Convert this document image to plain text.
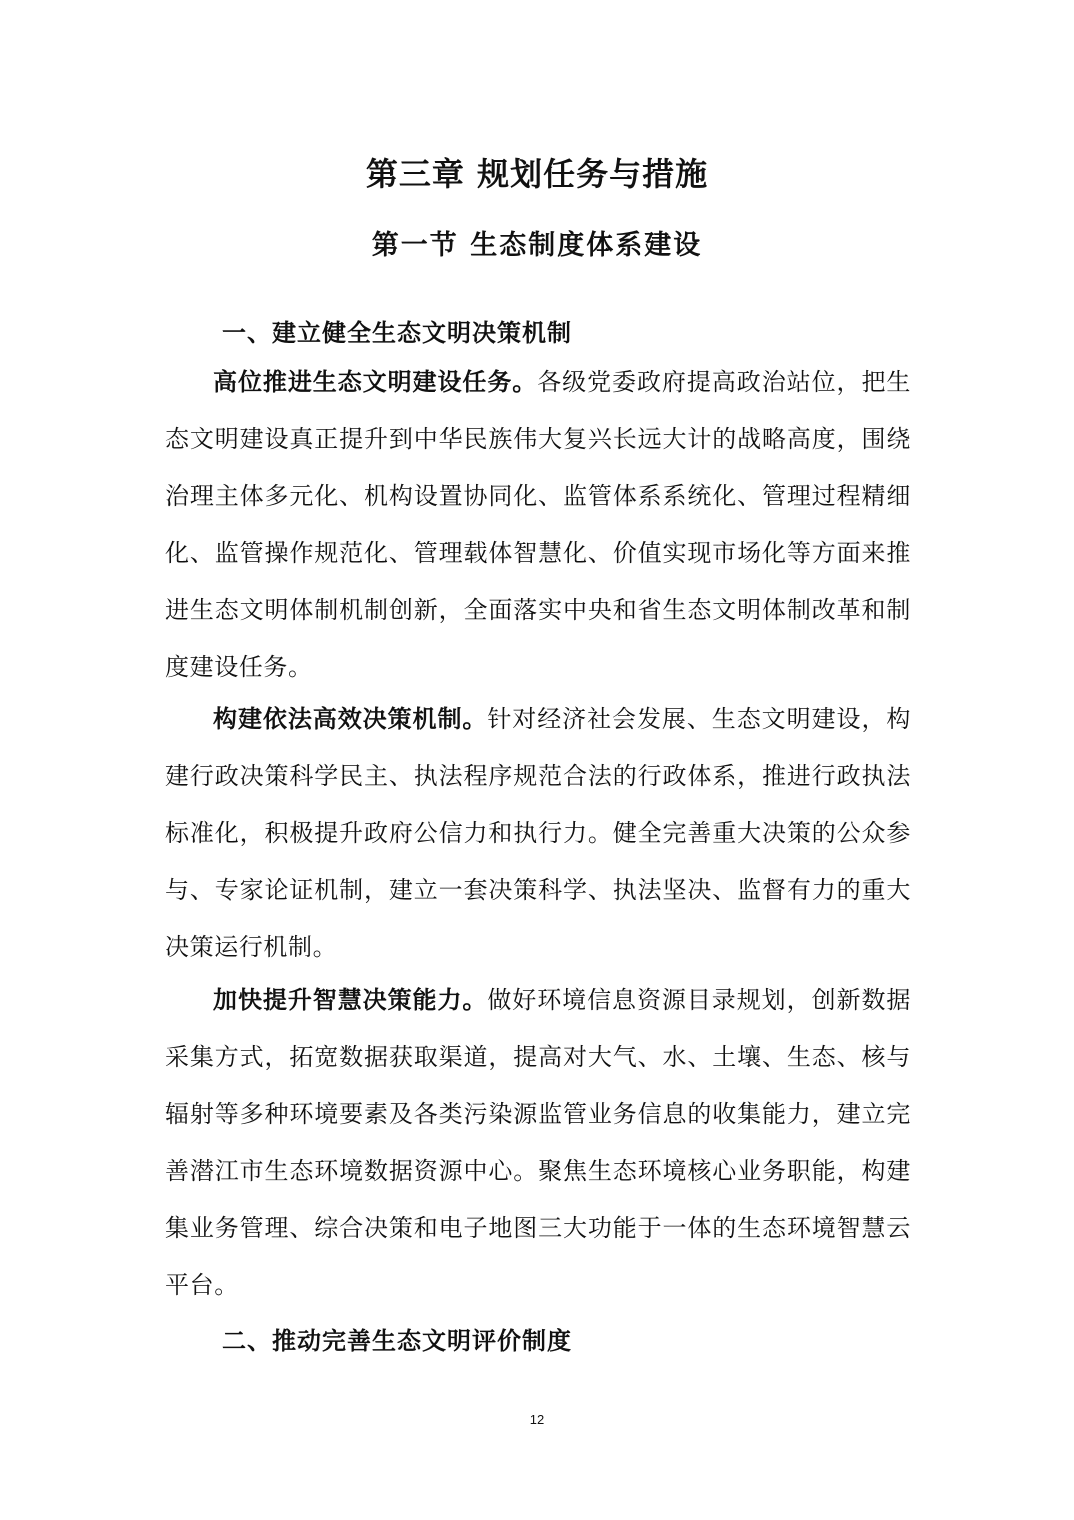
第三章 规划任务与措施
第一节 生态制度体系建设
一、建立健全生态文明决策机制

高位推进生态文明建设任务。各级党委政府提高政治站位，把生态文明建设真正提升到中华民族伟大复兴长远大计的战略高度，围绕治理主体多元化、机构设置协同化、监管体系系统化、管理过程精细化、监管操作规范化、管理载体智慧化、价值实现市场化等方面来推进生态文明体制机制创新，全面落实中央和省生态文明体制改革和制度建设任务。

构建依法高效决策机制。针对经济社会发展、生态文明建设，构建行政决策科学民主、执法程序规范合法的行政体系，推进行政执法标准化，积极提升政府公信力和执行力。健全完善重大决策的公众参与、专家论证机制，建立一套决策科学、执法坚决、监督有力的重大决策运行机制。

加快提升智慧决策能力。做好环境信息资源目录规划，创新数据采集方式，拓宽数据获取渠道，提高对大气、水、土壤、生态、核与辐射等多种环境要素及各类污染源监管业务信息的收集能力，建立完善潜江市生态环境数据资源中心。聚焦生态环境核心业务职能，构建集业务管理、综合决策和电子地图三大功能于一体的生态环境智慧云平台。

二、推动完善生态文明评价制度
12
